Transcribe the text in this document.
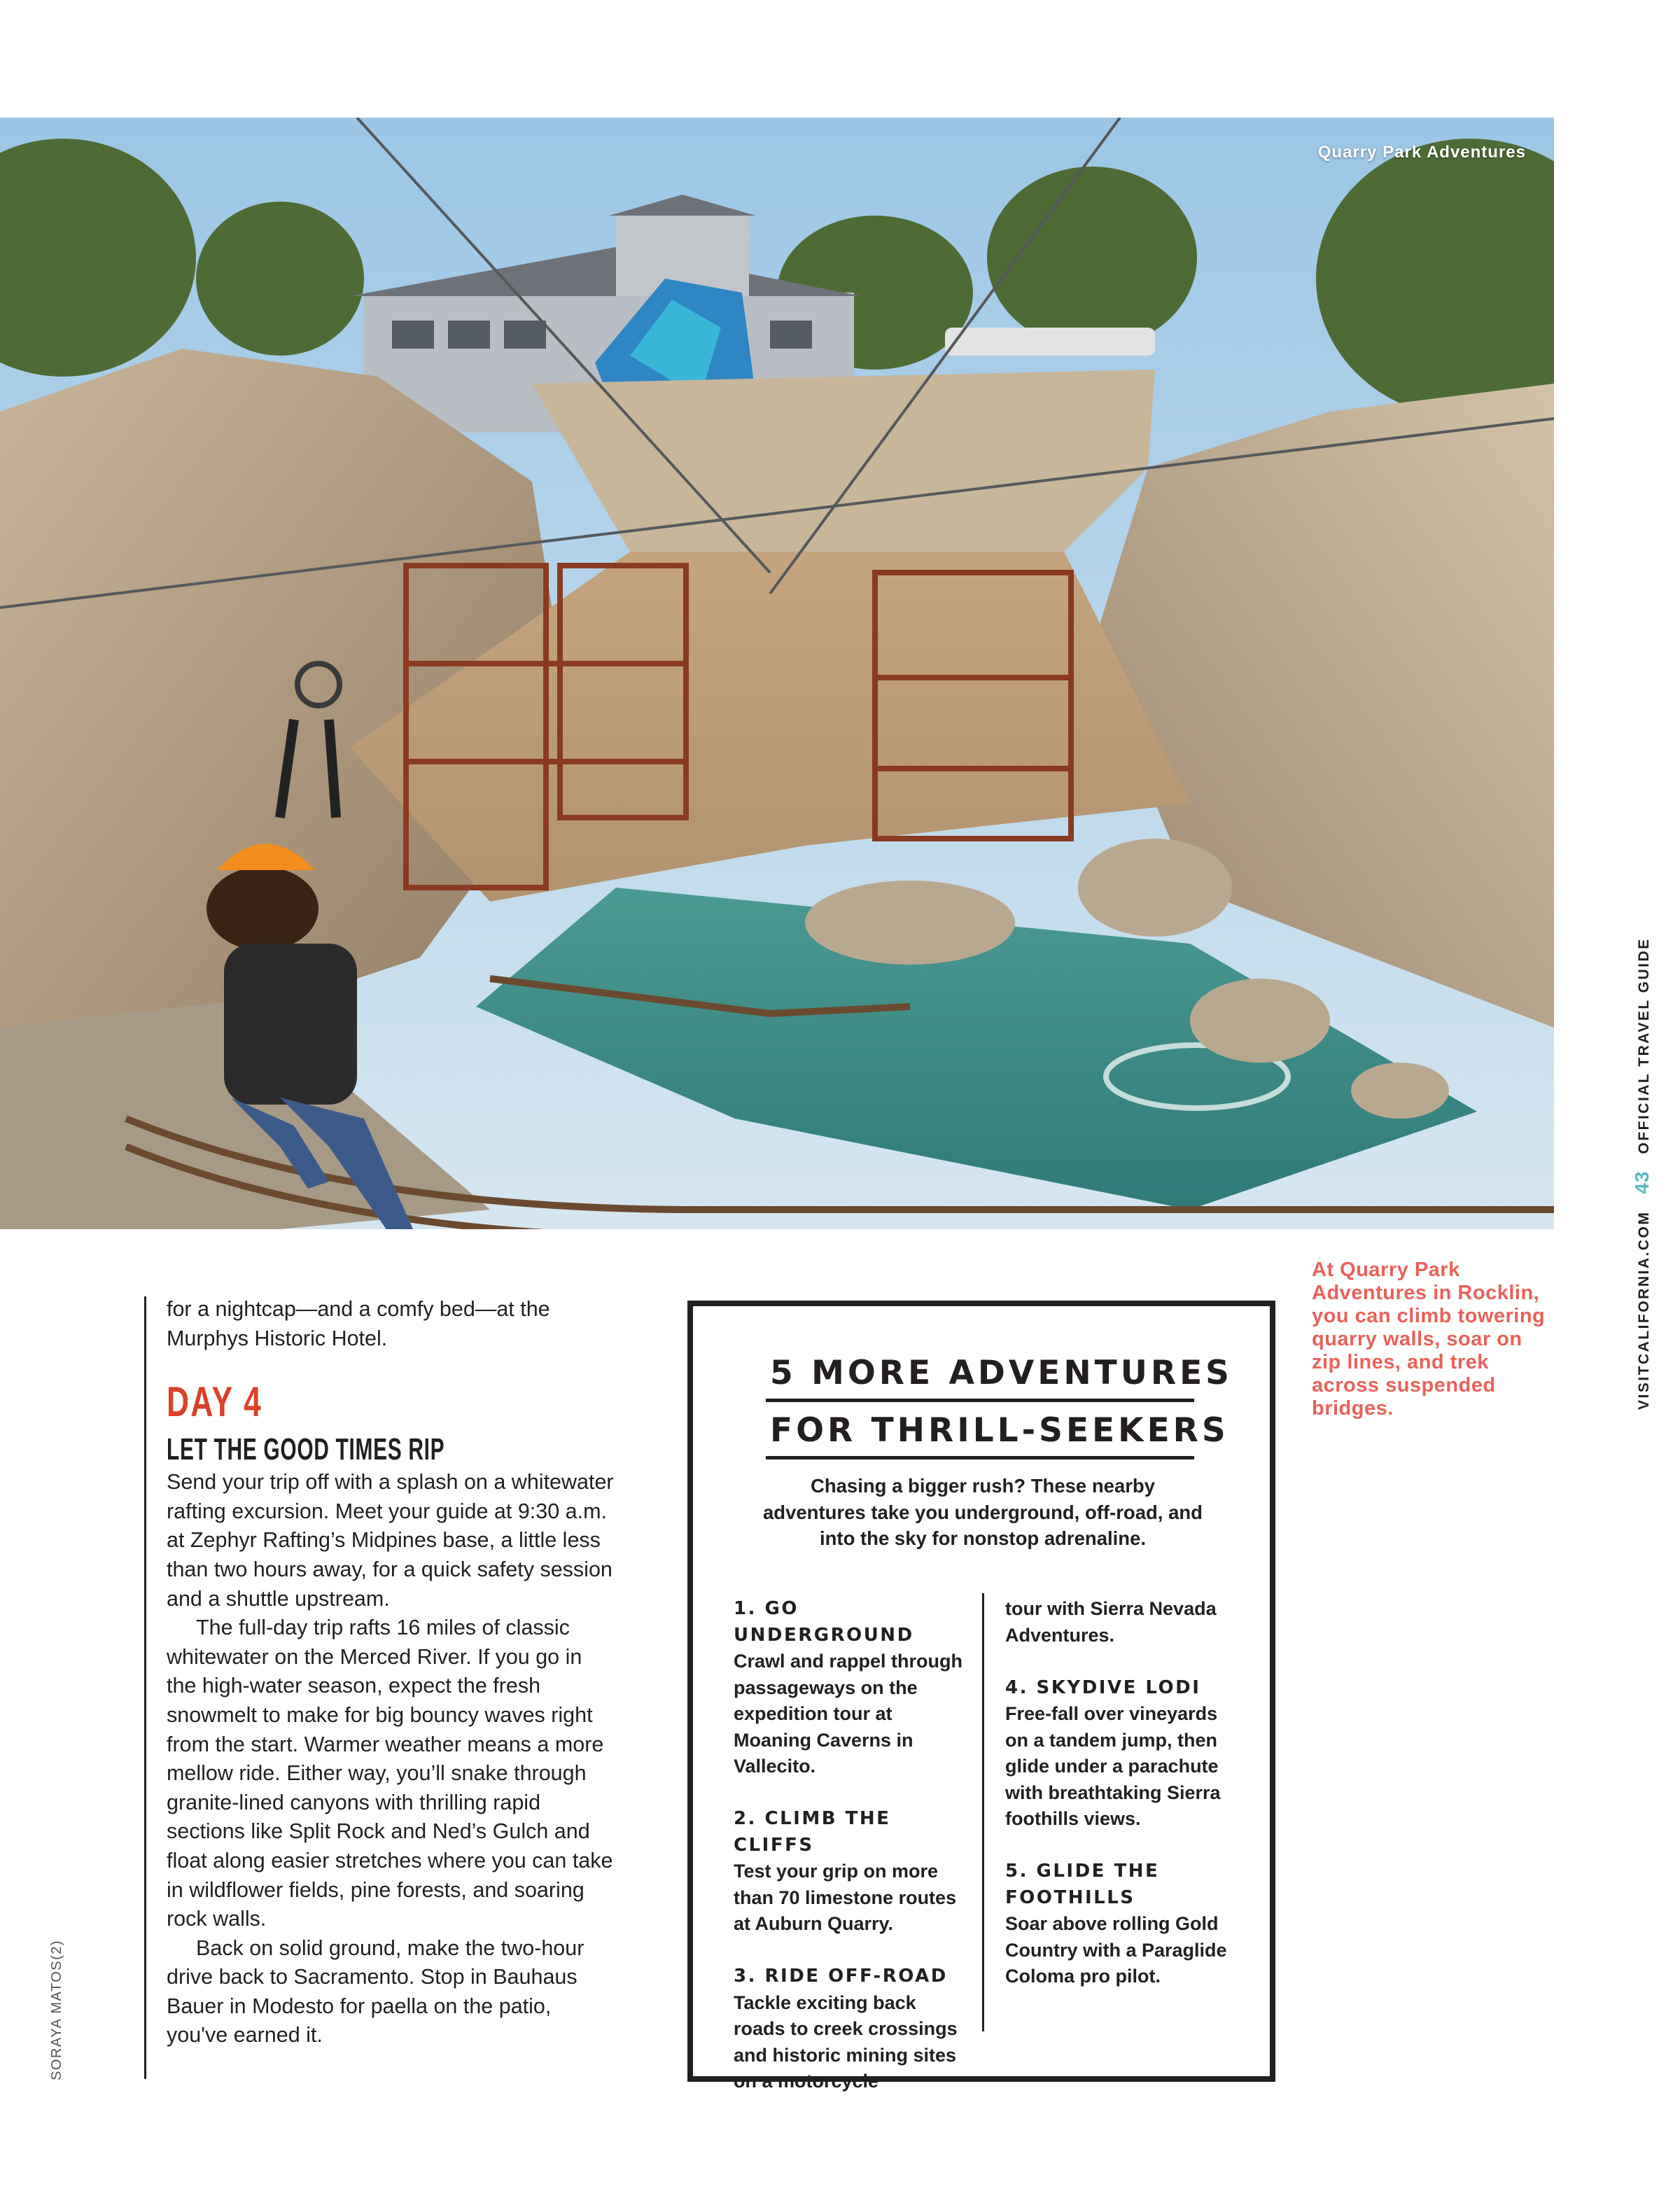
Quarry Park Adventures
At Quarry Park Adventures in Rocklin, you can climb towering quarry walls, soar on zip lines, and trek across suspended bridges.	VISITCALIFORNIA.COM43OFFICIAL TRAVEL GUIDE
SORAYA MATOS(2)

for a nightcap—and a comfy bed—at the Murphys Historic Hotel.

DAY 4

LET THE GOOD TIMES RIP

Send your trip off with a splash on a whitewater rafting excursion. Meet your guide at 9:30 a.m. at Zephyr Rafting’s Midpines base, a little less than two hours away, for a quick safety session and a shuttle upstream.

The full-day trip rafts 16 miles of classic whitewater on the Merced River. If you go in the high-water season, expect the fresh snowmelt to make for big bouncy waves right from the start. Warmer weather means a more mellow ride. Either way, you’ll snake through granite-lined canyons with thrilling rapid sections like Split Rock and Ned’s Gulch and float along easier stretches where you can take in wildflower fields, pine forests, and soaring rock walls.

Back on solid ground, make the two-hour drive back to Sacramento. Stop in Bauhaus Bauer in Modesto for paella on the patio, you've earned it.

5 MORE ADVENTURES
FOR THRILL-SEEKERS
Chasing a bigger rush? These nearby adventures take you underground, off-road, and into the sky for nonstop adrenaline.
1. GO UNDERGROUND
Crawl and rappel through passageways on the expedition tour at Moaning Caverns in Vallecito.
2. CLIMB THE CLIFFS
Test your grip on more than 70 limestone routes at Auburn Quarry.
3. RIDE OFF-ROAD
Tackle exciting back roads to creek crossings and historic mining sites on a motorcycle
tour with Sierra Nevada Adventures.
4. SKYDIVE LODI
Free-fall over vineyards on a tandem jump, then glide under a parachute with breathtaking Sierra foothills views.
5. GLIDE THE FOOTHILLS
Soar above rolling Gold Country with a Paraglide Coloma pro pilot.
